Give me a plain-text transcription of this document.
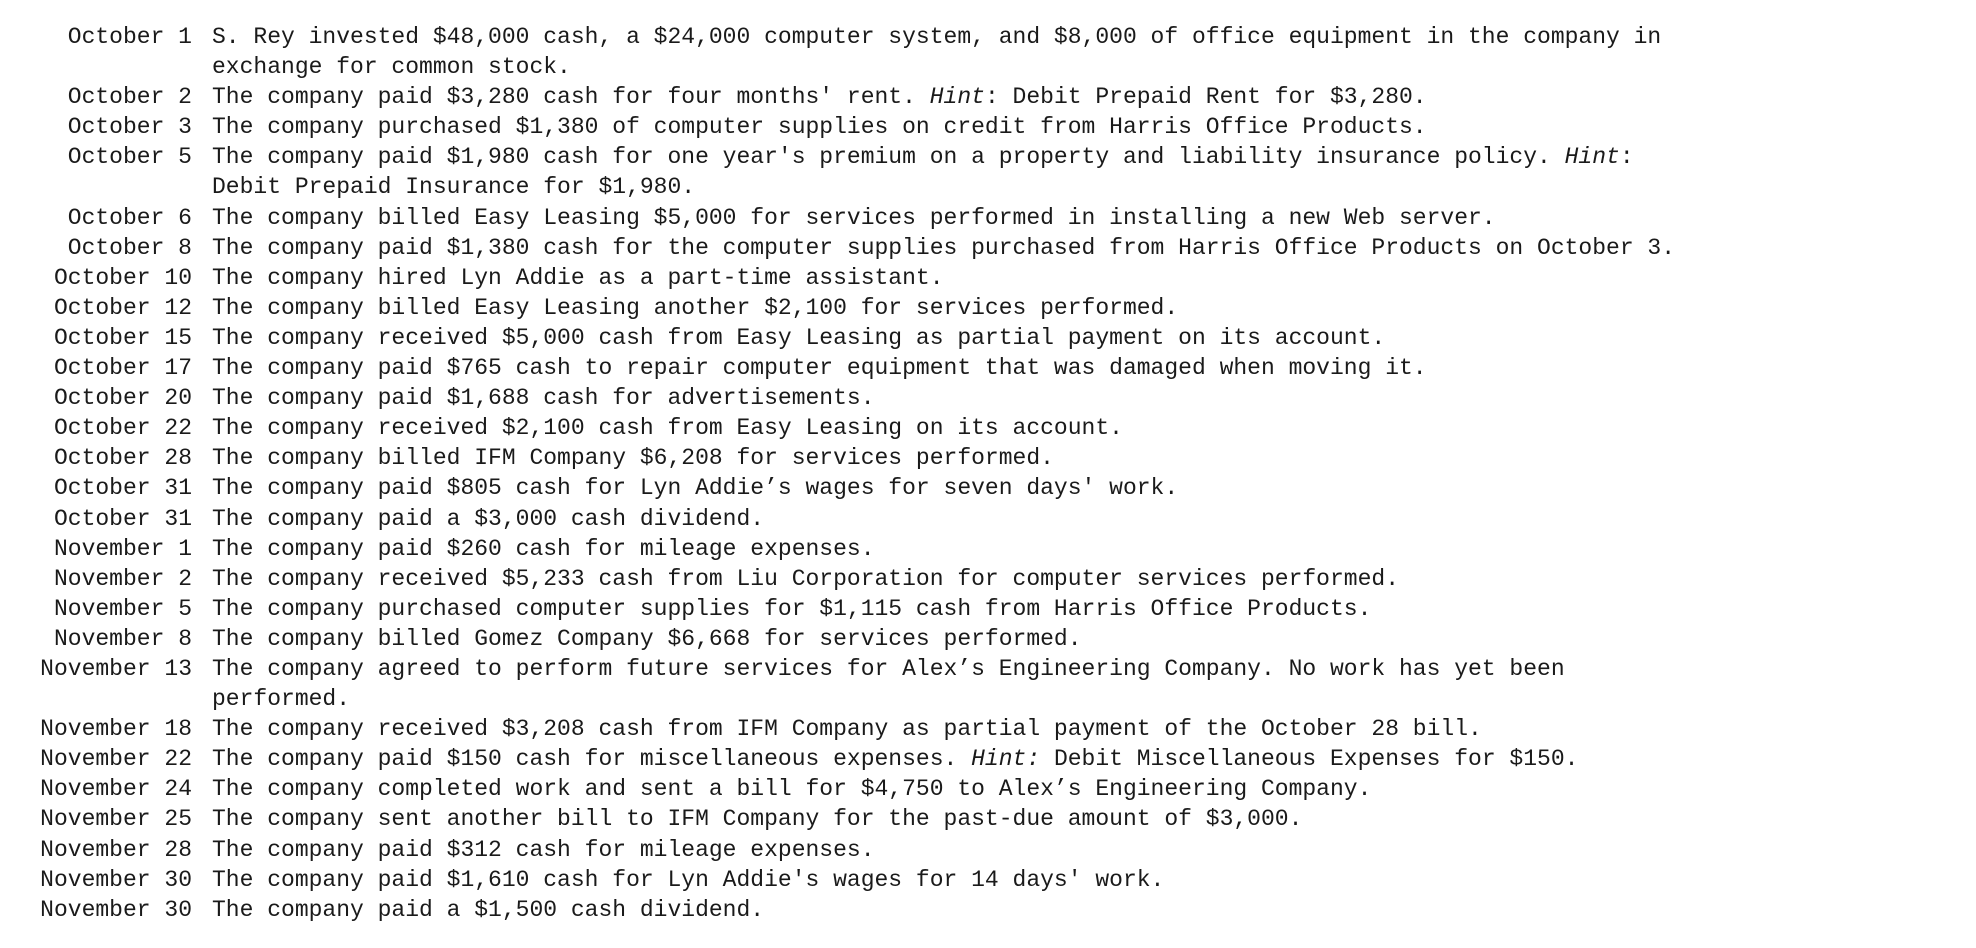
October 1 S. Rey invested $48,000 cash, a $24,000 computer system, and $8,000 of office equipment in the company in
exchange for common stock.
October 2 The company paid $3,280 cash for four months' rent. Hint: Debit Prepaid Rent for $3,280.
October 3 The company purchased $1,380 of computer supplies on credit from Harris Office Products.
October 5 The company paid $1,980 cash for one year's premium on a property and liability insurance policy. Hint:
Debit Prepaid Insurance for $1,980.
October 6 The company billed Easy Leasing $5,000 for services performed in installing a new Web server.
October 8 The company paid $1,380 cash for the computer supplies purchased from Harris Office Products on October 3.
October 10 The company hired Lyn Addie as a part-time assistant.
October 12 The company billed Easy Leasing another $2,100 for services performed.
October 15 The company received $5,000 cash from Easy Leasing as partial payment on its account.
October 17 The company paid $765 cash to repair computer equipment that was damaged when moving it.
October 20 The company paid $1,688 cash for advertisements.
October 22 The company received $2,100 cash from Easy Leasing on its account.
October 28 The company billed IFM Company $6,208 for services performed.
October 31 The company paid $805 cash for Lyn Addie’s wages for seven days' work.
October 31 The company paid a $3,000 cash dividend.
November 1 The company paid $260 cash for mileage expenses.
November 2 The company received $5,233 cash from Liu Corporation for computer services performed.
November 5 The company purchased computer supplies for $1,115 cash from Harris Office Products.
November 8 The company billed Gomez Company $6,668 for services performed.
November 13 The company agreed to perform future services for Alex’s Engineering Company. No work has yet been
performed.
November 18 The company received $3,208 cash from IFM Company as partial payment of the October 28 bill.
November 22 The company paid $150 cash for miscellaneous expenses. Hint: Debit Miscellaneous Expenses for $150.
November 24 The company completed work and sent a bill for $4,750 to Alex’s Engineering Company.
November 25 The company sent another bill to IFM Company for the past-due amount of $3,000.
November 28 The company paid $312 cash for mileage expenses.
November 30 The company paid $1,610 cash for Lyn Addie's wages for 14 days' work.
November 30 The company paid a $1,500 cash dividend.
